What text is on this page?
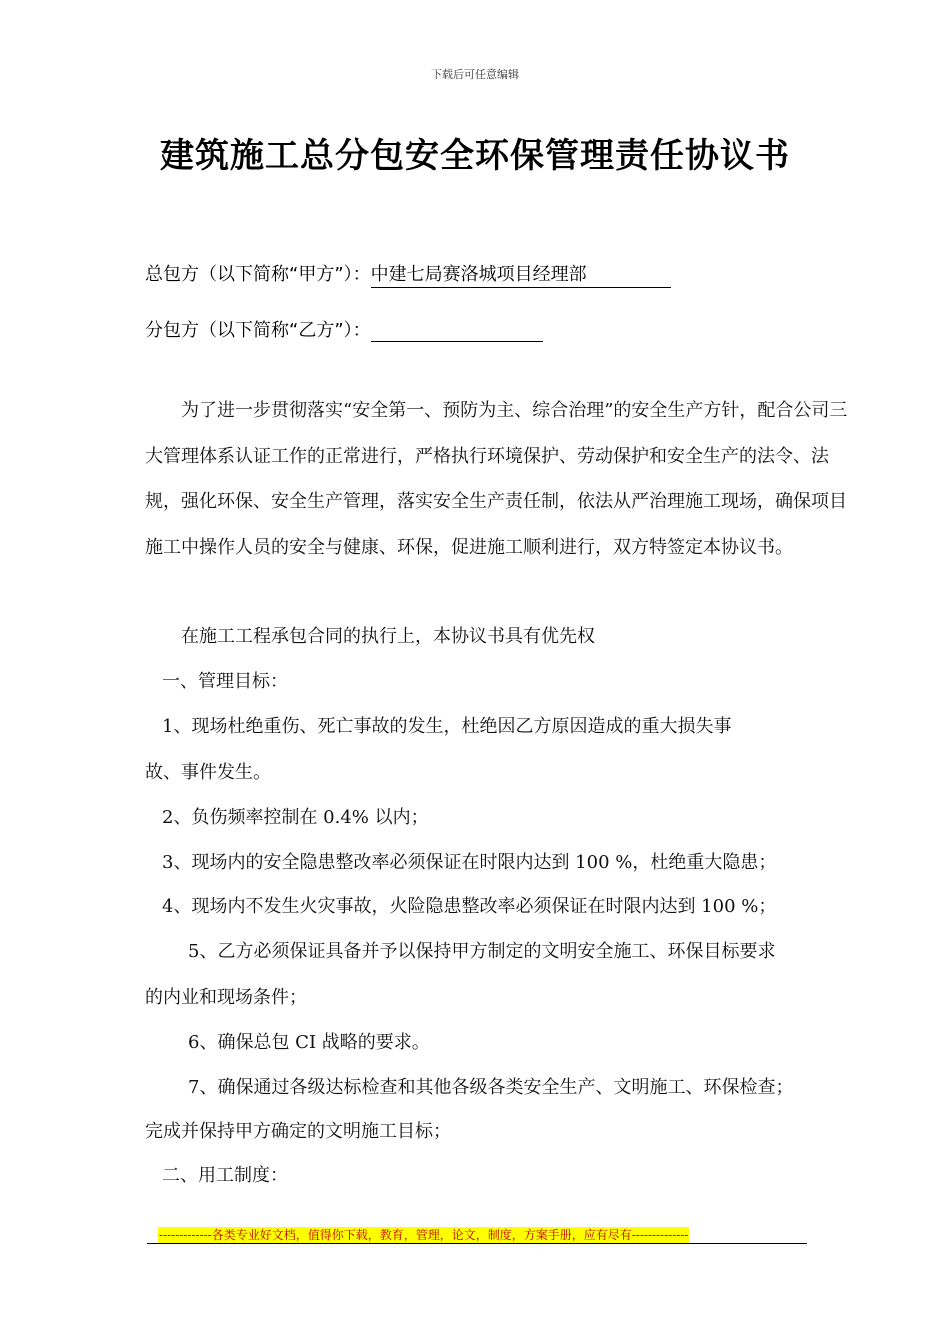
下载后可任意编辑
建筑施工总分包安全环保管理责任协议书
总包方（以下简称“甲方”）：中建七局赛洛城项目经理部
分包方（以下简称“乙方”）：
为了进一步贯彻落实“安全第一、预防为主、综合治理”的安全生产方针，配合公司三大管理体系认证工作的正常进行，严格执行环境保护、劳动保护和安全生产的法令、法规，强化环保、安全生产管理，落实安全生产责任制，依法从严治理施工现场，确保项目施工中操作人员的安全与健康、环保，促进施工顺利进行，双方特签定本协议书。
在施工工程承包合同的执行上，本协议书具有优先权
一、管理目标：
1、现场杜绝重伤、死亡事故的发生，杜绝因乙方原因造成的重大损失事
故、事件发生。
2、负伤频率控制在 0.4% 以内；
3、现场内的安全隐患整改率必须保证在时限内达到 100 %，杜绝重大隐患；
4、现场内不发生火灾事故，火险隐患整改率必须保证在时限内达到 100 %；
5、乙方必须保证具备并予以保持甲方制定的文明安全施工、环保目标要求
的内业和现场条件；
6、确保总包 CI 战略的要求。
7、确保通过各级达标检查和其他各级各类安全生产、文明施工、环保检查；
完成并保持甲方确定的文明施工目标；
二、用工制度：
-------------各类专业好文档，值得你下载，教育，管理，论文，制度，方案手册，应有尽有--------------
